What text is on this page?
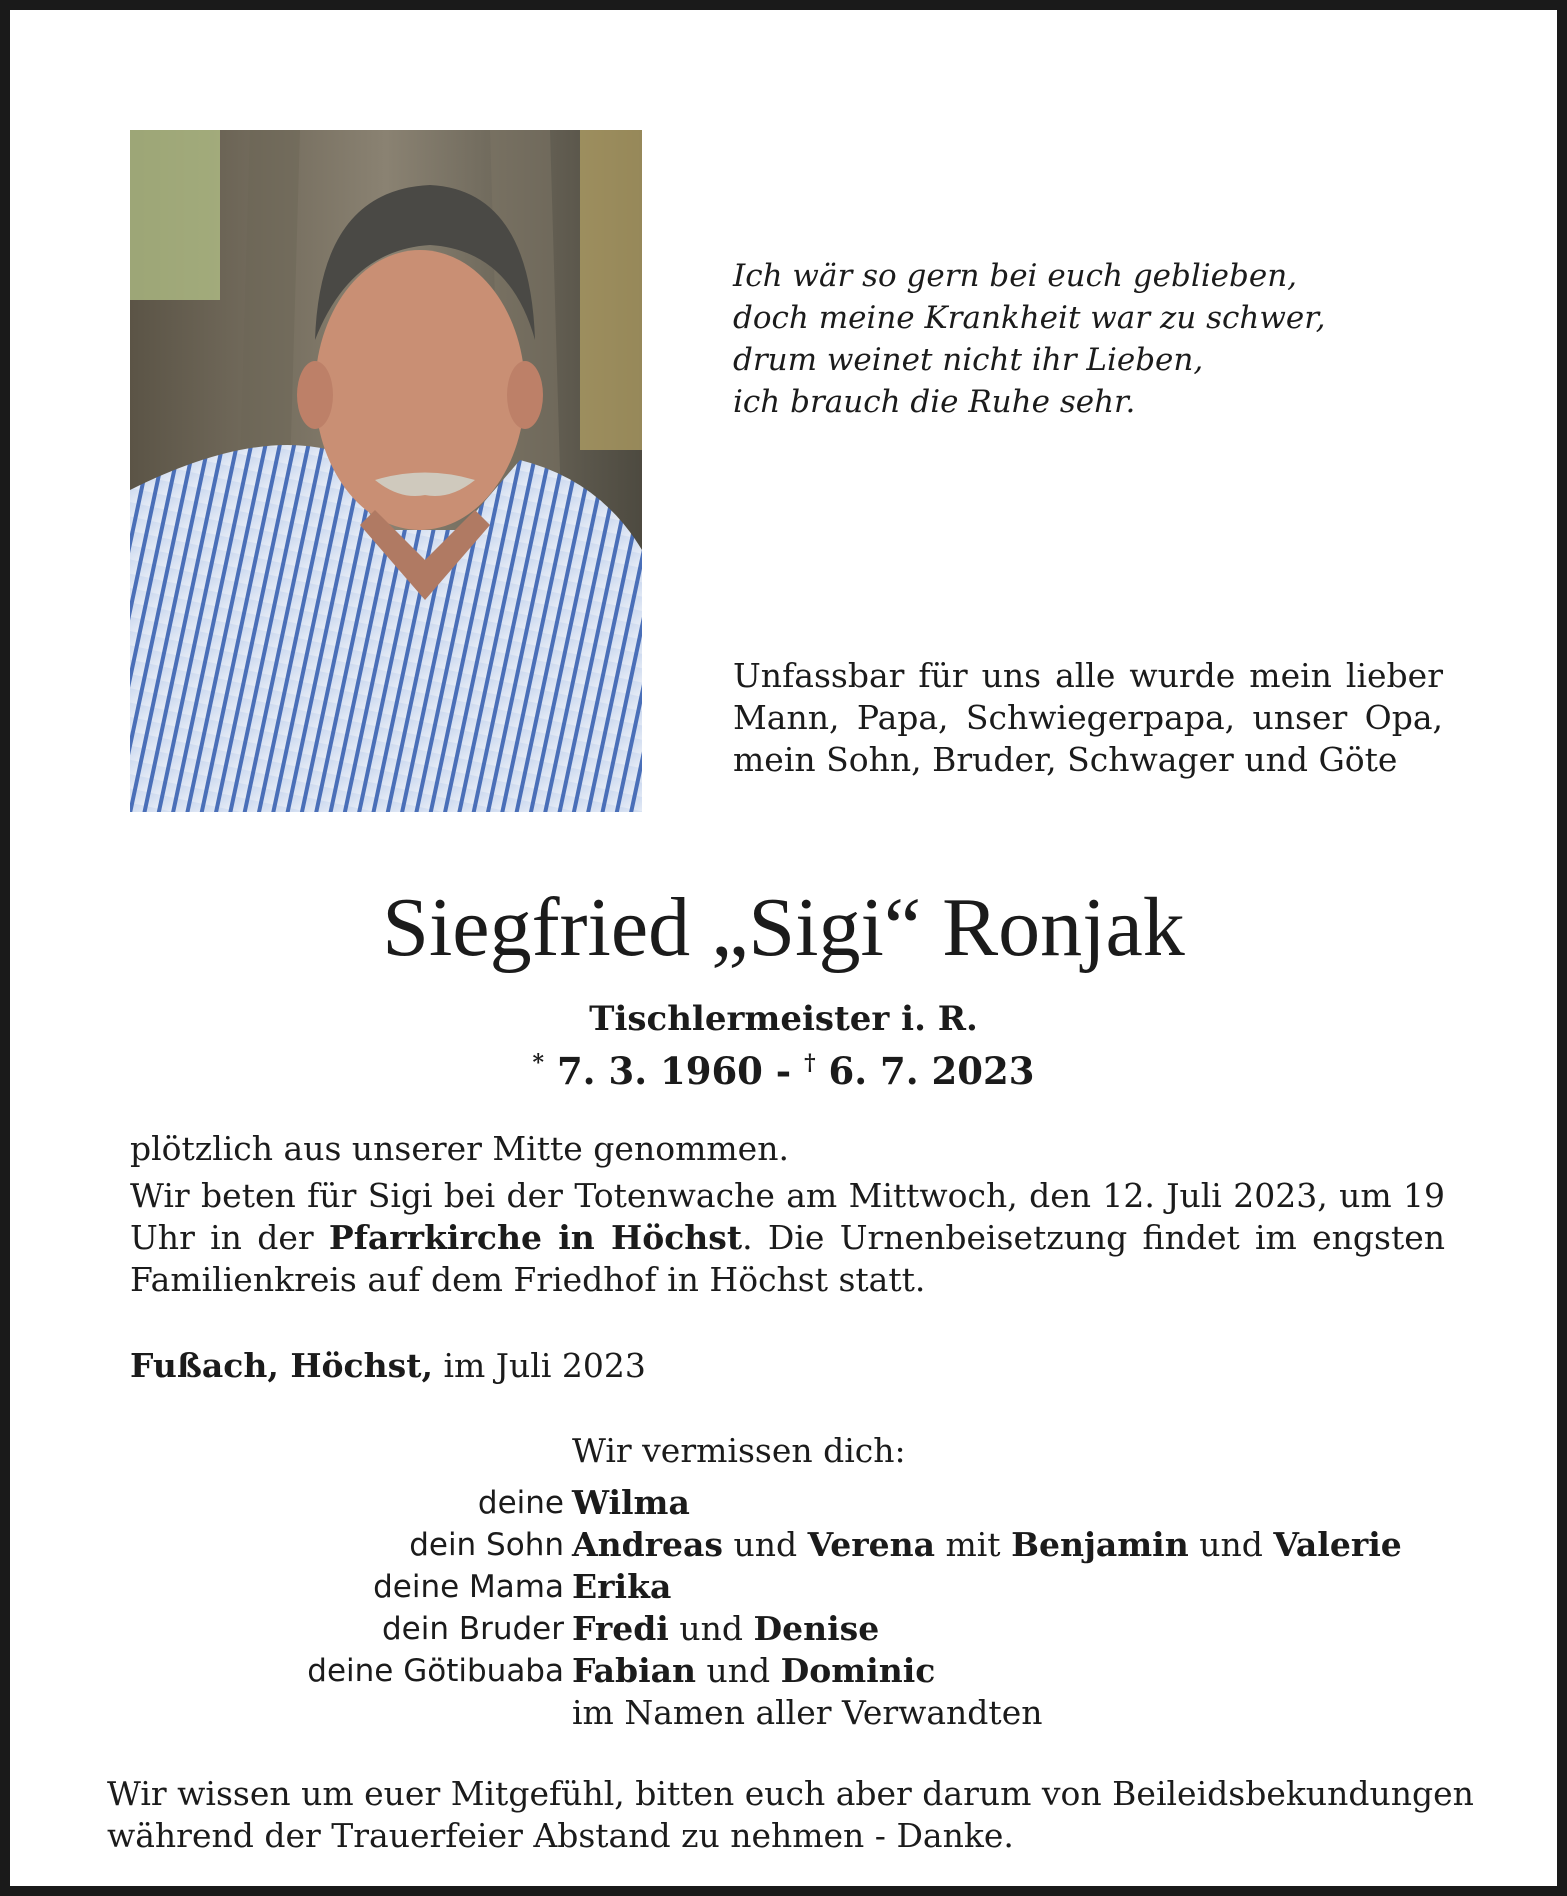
Ich wär so gern bei euch geblieben,
doch meine Krankheit war zu schwer,
drum weinet nicht ihr Lieben,
ich brauch die Ruhe sehr.
Unfassbar für uns alle wurde mein lieber Mann, Papa, Schwiegerpapa, unser Opa, mein Sohn, Bruder, Schwager und Göte
Siegfried „Sigi“ Ronjak
Tischlermeister i. R.
* 7. 3. 1960 - † 6. 7. 2023
plötzlich aus unserer Mitte genommen.
Wir beten für Sigi bei der Totenwache am Mittwoch, den 12. Juli 2023, um 19 Uhr in der Pfarrkirche in Höchst. Die Urnenbeisetzung findet im engsten Familienkreis auf dem Friedhof in Höchst statt.
Fußach, Höchst, im Juli 2023
Wir vermissen dich:
deine Wilma
dein Sohn Andreas und Verena mit Benjamin und Valerie
deine Mama Erika
dein Bruder Fredi und Denise
deine Götibuaba Fabian und Dominic
im Namen aller Verwandten
Wir wissen um euer Mitgefühl, bitten euch aber darum von Beileidsbekundungen während der Trauerfeier Abstand zu nehmen - Danke.
